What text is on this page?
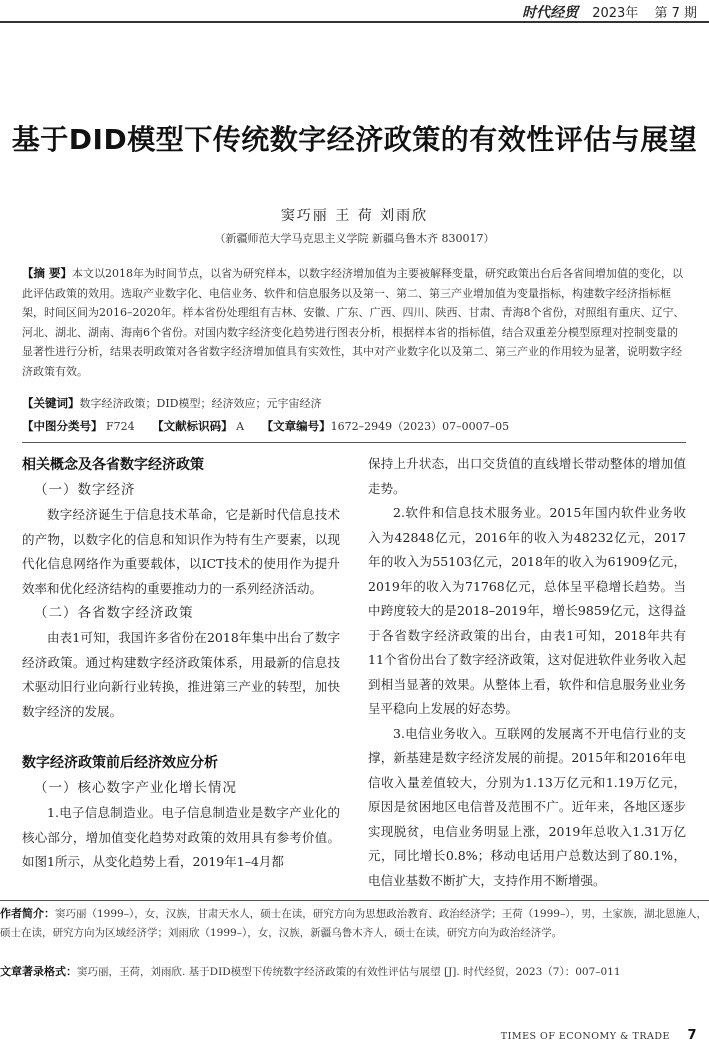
时代经贸 2023年 第 7 期
基于DID模型下传统数字经济政策的有效性评估与展望
窦巧丽 王 荷 刘雨欣
（新疆师范大学马克思主义学院 新疆乌鲁木齐 830017）
【摘 要】本文以2018年为时间节点，以省为研究样本，以数字经济增加值为主要被解释变量，研究政策出台后各省间增加值的变化，以此评估政策的效用。选取产业数字化、电信业务、软件和信息服务以及第一、第二、第三产业增加值为变量指标，构建数字经济指标框架，时间区间为2016–2020年。样本省份处理组有吉林、安徽、广东、广西、四川、陕西、甘肃、青海8个省份，对照组有重庆、辽宁、河北、湖北、湖南、海南6个省份。对国内数字经济变化趋势进行图表分析，根据样本省的指标值，结合双重差分模型原理对控制变量的显著性进行分析，结果表明政策对各省数字经济增加值具有实效性，其中对产业数字化以及第二、第三产业的作用较为显著，说明数字经济政策有效。
【关键词】数字经济政策；DID模型；经济效应；元宇宙经济
【中图分类号】 F724 【文献标识码】 A 【文章编号】1672–2949（2023）07–0007–05
相关概念及各省数字经济政策
（一）数字经济

数字经济诞生于信息技术革命，它是新时代信息技术的产物，以数字化的信息和知识作为特有生产要素，以现代化信息网络作为重要载体，以ICT技术的使用作为提升效率和优化经济结构的重要推动力的一系列经济活动。

（二）各省数字经济政策

由表1可知，我国许多省份在2018年集中出台了数字经济政策。通过构建数字经济政策体系，用最新的信息技术驱动旧行业向新行业转换，推进第三产业的转型，加快数字经济的发展。

数字经济政策前后经济效应分析
（一）核心数字产业化增长情况

1.电子信息制造业。电子信息制造业是数字产业化的核心部分，增加值变化趋势对政策的效用具有参考价值。如图1所示，从变化趋势上看，2019年1–4月都

保持上升状态，出口交货值的直线增长带动整体的增加值走势。

2.软件和信息技术服务业。2015年国内软件业务收入为42848亿元，2016年的收入为48232亿元，2017年的收入为55103亿元，2018年的收入为61909亿元，2019年的收入为71768亿元，总体呈平稳增长趋势。当中跨度较大的是2018–2019年，增长9859亿元，这得益于各省数字经济政策的出台，由表1可知，2018年共有11个省份出台了数字经济政策，这对促进软件业务收入起到相当显著的效果。从整体上看，软件和信息服务业业务呈平稳向上发展的好态势。

3.电信业务收入。互联网的发展离不开电信行业的支撑，新基建是数字经济发展的前提。2015年和2016年电信收入量差值较大，分别为1.13万亿元和1.19万亿元，原因是贫困地区电信普及范围不广。近年来，各地区逐步实现脱贫，电信业务明显上涨，2019年总收入1.31万亿元，同比增长0.8%；移动电话用户总数达到了80.1%，电信业基数不断扩大，支持作用不断增强。

作者简介：窦巧丽（1999–），女，汉族，甘肃天水人，硕士在读，研究方向为思想政治教育、政治经济学；王荷（1999–），男，土家族，湖北恩施人，硕士在读，研究方向为区域经济学；刘雨欣（1999–），女，汉族，新疆乌鲁木齐人，硕士在读，研究方向为政治经济学。
文章著录格式：窦巧丽，王荷，刘雨欣. 基于DID模型下传统数字经济政策的有效性评估与展望 [J]. 时代经贸，2023（7）：007–011
TIMES OF ECONOMY & TRADE 7
